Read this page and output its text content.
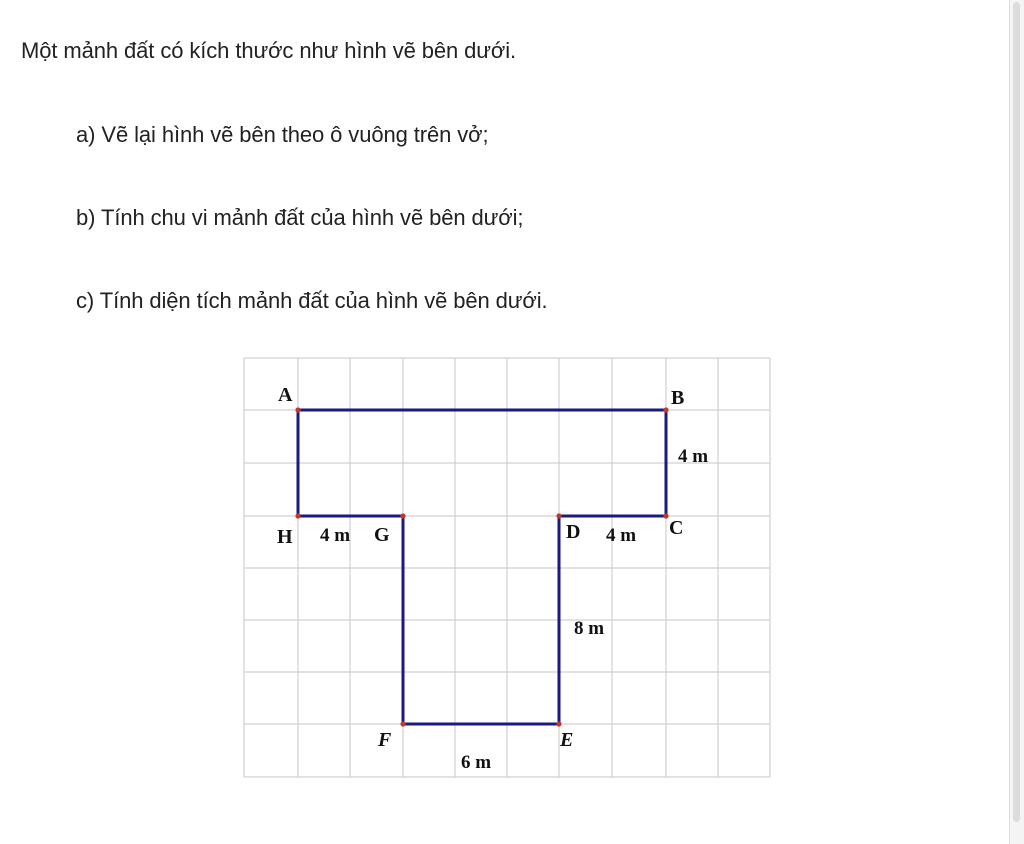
Một mảnh đất có kích thước như hình vẽ bên dưới.
a) Vẽ lại hình vẽ bên theo ô vuông trên vở;
b) Tính chu vi mảnh đất của hình vẽ bên dưới;
c) Tính diện tích mảnh đất của hình vẽ bên dưới.
A	B
C
D
E
F
G
H
4 m
4 m	4 m
8 m
6 m
